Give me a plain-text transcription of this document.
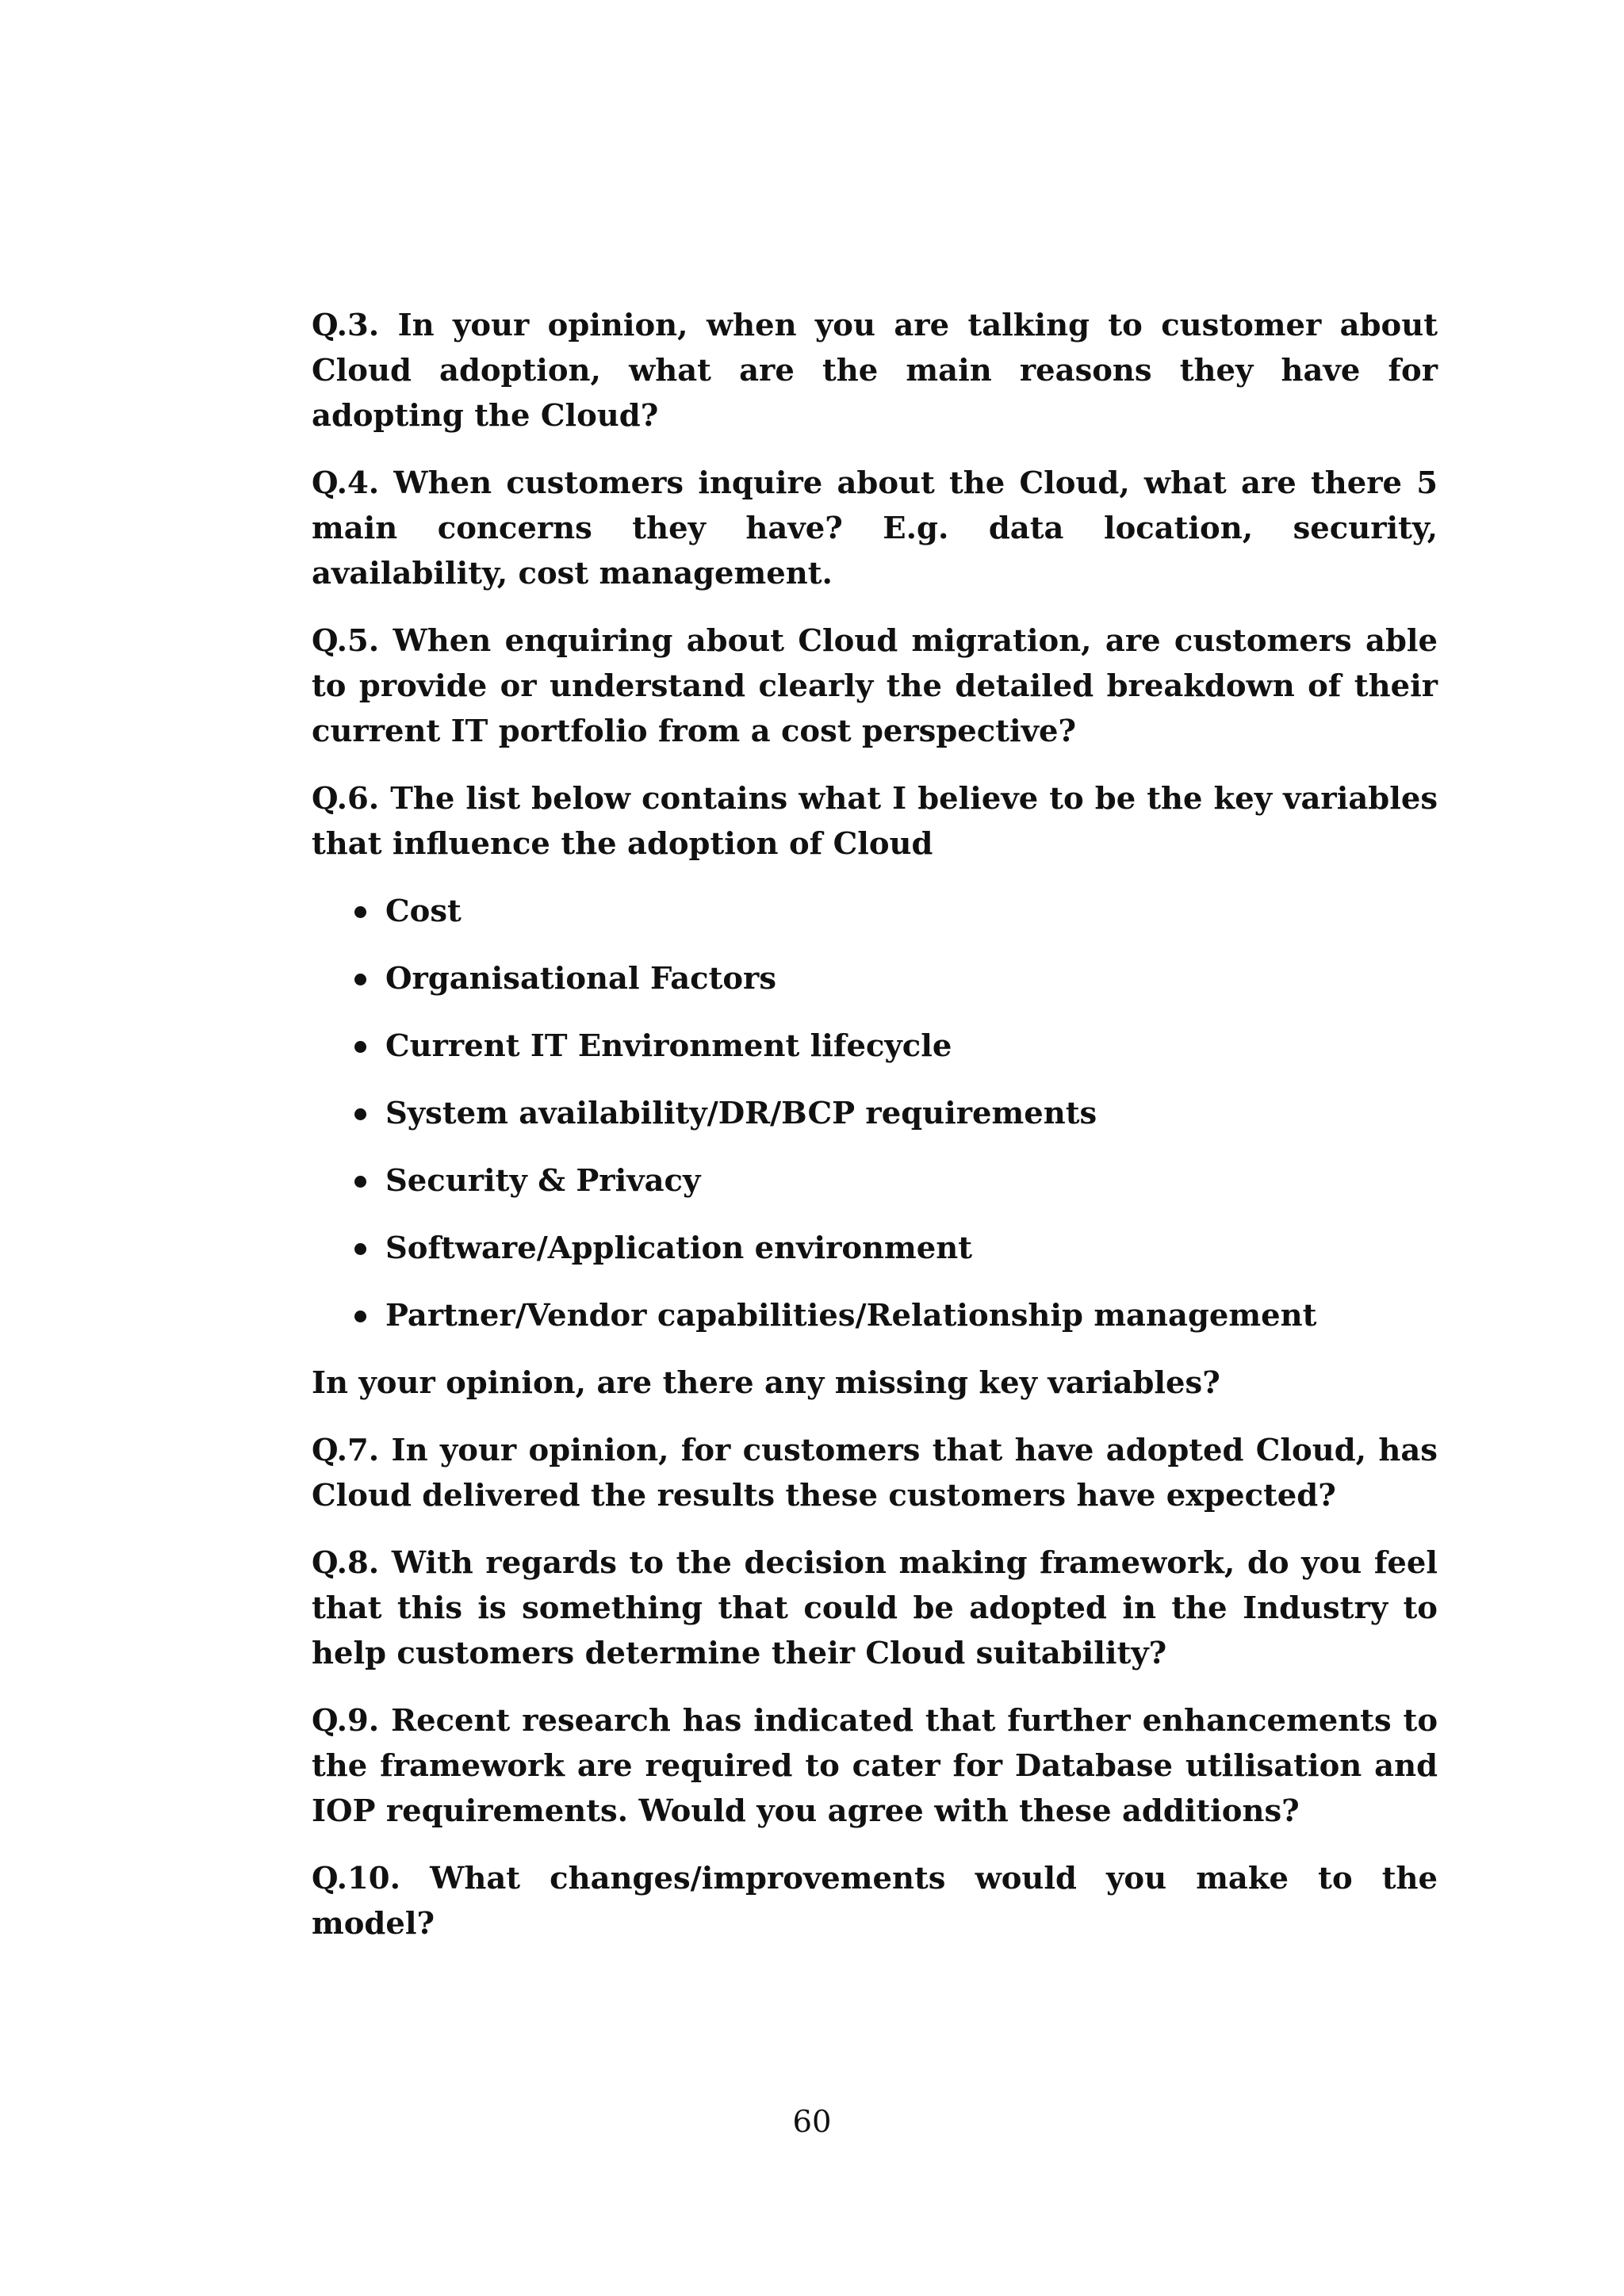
Q.3. In your opinion, when you are talking to customer about Cloud adoption, what are the main reasons they have for adopting the Cloud?

Q.4. When customers inquire about the Cloud, what are there 5 main concerns they have? E.g. data location, security, availability, cost management.

Q.5. When enquiring about Cloud migration, are customers able to provide or understand clearly the detailed breakdown of their current IT portfolio from a cost perspective?

Q.6. The list below contains what I believe to be the key variables that influence the adoption of Cloud

Cost
Organisational Factors
Current IT Environment lifecycle
System availability/DR/BCP requirements
Security & Privacy
Software/Application environment
Partner/Vendor capabilities/Relationship management

In your opinion, are there any missing key variables?

Q.7. In your opinion, for customers that have adopted Cloud, has Cloud delivered the results these customers have expected?

Q.8. With regards to the decision making framework, do you feel that this is something that could be adopted in the Industry to help customers determine their Cloud suitability?

Q.9. Recent research has indicated that further enhancements to the framework are required to cater for Database utilisation and IOP requirements. Would you agree with these additions?

Q.10. What changes/improvements would you make to the model?

60
